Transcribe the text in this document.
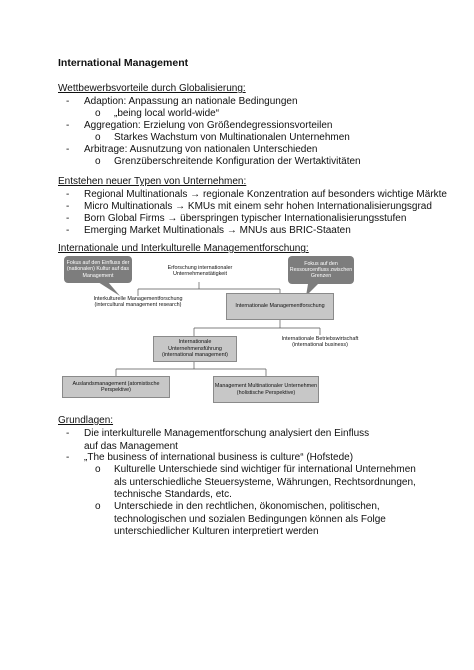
International Management
Wettbewerbsvorteile durch Globalisierung:
- Adaption: Anpassung an nationale Bedingungen
o „being local world-wide“
- Aggregation: Erzielung von Größendegressionsvorteilen
o Starkes Wachstum von Multinationalen Unternehmen
- Arbitrage: Ausnutzung von nationalen Unterschieden
o Grenzüberschreitende Konfiguration der Wertaktivitäten
Entstehen neuer Typen von Unternehmen:
- Regional Multinationals → regionale Konzentration auf besonders wichtige Märkte
- Micro Multinationals → KMUs mit einem sehr hohen Internationalisierungsgrad
- Born Global Firms → überspringen typischer Internationalisierungsstufen
- Emerging Market Multinationals → MNUs aus BRIC-Staaten
Internationale und Interkulturelle Managementforschung:
Fokus auf den Einfluss der (nationalen) Kultur auf das Management
Fokus auf den Ressourcenfluss zwischen Grenzen
Erforschung internationaler Unternehmenstätigkeit
Interkulturelle Managementforschung (intercultural management research)	Internationale Managementforschung
Internationale Unternehmensführung (international management)
Internationale Betriebswirtschaft (international business)
Auslandsmanagement (atomistische Perspektive)
Management Multinationaler Unternehmen (holistische Perspektive)
Grundlagen:
- Die interkulturelle Managementforschung analysiert den Einfluss auf das Management
- „The business of international business is culture“ (Hofstede)
o Kulturelle Unterschiede sind wichtiger für international Unternehmen als unterschiedliche Steuersysteme, Währungen, Rechtsordnungen, technische Standards, etc.
o Unterschiede in den rechtlichen, ökonomischen, politischen, technologischen und sozialen Bedingungen können als Folge unterschiedlicher Kulturen interpretiert werden
